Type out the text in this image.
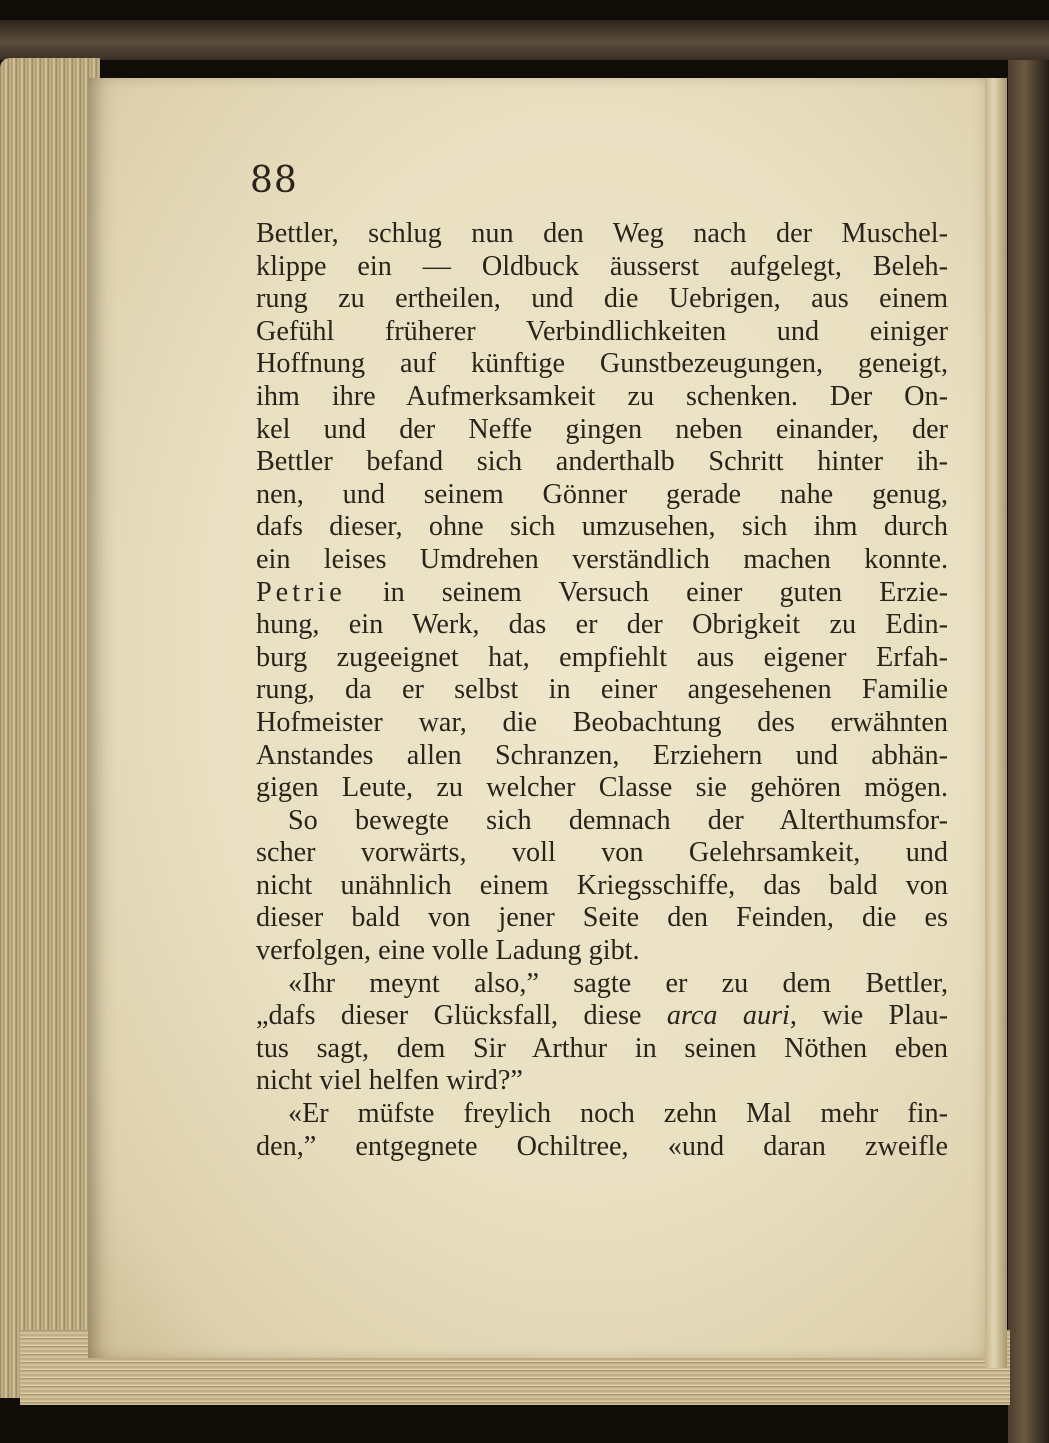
88
Bettler, schlug nun den Weg nach der Muschel-
klippe ein — Oldbuck äusserst aufgelegt, Beleh-
rung zu ertheilen, und die Uebrigen, aus einem
Gefühl früherer Verbindlichkeiten und einiger
Hoffnung auf künftige Gunstbezeugungen, geneigt,
ihm ihre Aufmerksamkeit zu schenken. Der On-
kel und der Neffe gingen neben einander, der
Bettler befand sich anderthalb Schritt hinter ih-
nen, und seinem Gönner gerade nahe genug,
dafs dieser, ohne sich umzusehen, sich ihm durch
ein leises Umdrehen verständlich machen konnte.
Petrie in seinem Versuch einer guten Erzie-
hung, ein Werk, das er der Obrigkeit zu Edin-
burg zugeeignet hat, empfiehlt aus eigener Erfah-
rung, da er selbst in einer angesehenen Familie
Hofmeister war, die Beobachtung des erwähnten
Anstandes allen Schranzen, Erziehern und abhän-
gigen Leute, zu welcher Classe sie gehören mögen.
So bewegte sich demnach der Alterthumsfor-
scher vorwärts, voll von Gelehrsamkeit, und
nicht unähnlich einem Kriegsschiffe, das bald von
dieser bald von jener Seite den Feinden, die es
verfolgen, eine volle Ladung gibt.
«Ihr meynt also,” sagte er zu dem Bettler,
„dafs dieser Glücksfall, diese arca auri, wie Plau-
tus sagt, dem Sir Arthur in seinen Nöthen eben
nicht viel helfen wird?”
«Er müfste freylich noch zehn Mal mehr fin-
den,” entgegnete Ochiltree, «und daran zweifle
